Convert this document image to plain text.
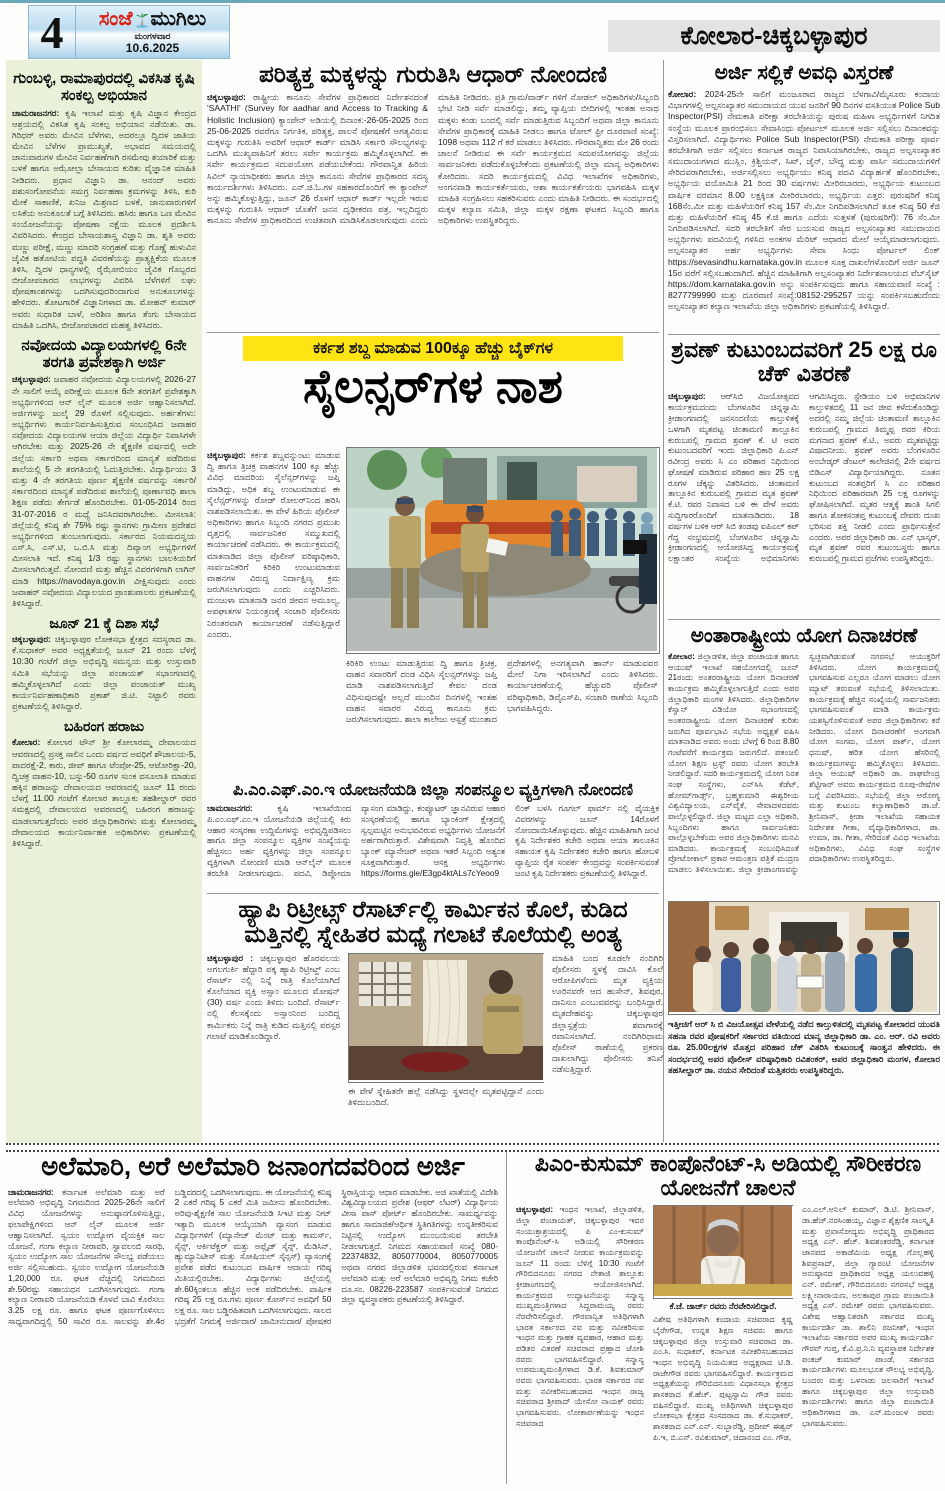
4	ಸಂಜೆ ಮುಗಿಲು
ಮಂಗಳವಾರ
10.6.2025	ಕೋಲಾರ-ಚಿಕ್ಕಬಳ್ಳಾಪುರ
ಗುಂಬಳ್ಳಿ, ರಾಮಾಪುರದಲ್ಲಿ ವಿಕಸಿತ ಕೃಷಿ ಸಂಕಲ್ಪ ಅಭಿಯಾನ

ಚಾಮರಾಜನಗರ: ಕೃಷಿ ಇಲಾಖೆ ಮತ್ತು ಕೃಷಿ ವಿಜ್ಞಾನ ಕೇಂದ್ರದ ಆಶ್ರಯದಲ್ಲಿ ವಿಕಸಿತ ಕೃಷಿ ಸಂಕಲ್ಪ ಅಭಿಯಾನ ನಡೆಯಿತು. ಡಾ. ಗಿರಿಧರ್ ಅವರು ಮೇವಿನ ಬೆಳೆಗಳು, ಅದರಲ್ಲೂ ದ್ವಿದಳ ಜಾತಿಯ ಮೇವಿನ ಬೆಳೆಗಳ ಪ್ರಾಮುಖ್ಯತೆ, ಅಭಾವದ ಸಮಯದಲ್ಲಿ ಜಾನುವಾರುಗಳ ಮೇವಿನ ನಿರ್ವಹಣೆಗಾಗಿ ರಸಮೇವು ತಯಾರಿಕೆ ಮತ್ತು ಬಳಕೆ ಹಾಗೂ ಅಝೋಲ್ಲಾ ಬೇಸಾಯದ ಕುರಿತು ವೈಜ್ಞಾನಿಕ ಮಾಹಿತಿ ನೀಡಿದರು. ಪ್ರಧಾನ ವಿಜ್ಞಾನಿ ಡಾ. ಆನಂದ್ ಅವರು ಪಶುಸಂಗೋಪನೆಯ ಸಮಗ್ರ ನಿರ್ವಹಣಾ ಕ್ರಮಗಳನ್ನು ತಿಳಿಸಿ, ಕುರಿ ಮೇಕೆ ಸಾಕಾಣಿಕೆ, ಖನಿಜ ಮಿಶ್ರಣದ ಬಳಕೆ, ಜಾನುವಾರುಗಳಿಗೆ ಲಸಿಕೆಯ ಅನುಕೂಲತೆ ಬಗ್ಗೆ ತಿಳಿಸಿದರು. ಹಸಿರು ಹಾಗೂ ಒಣ ಮೇವಿನ ಸಂಯೋಜನೆಯನ್ನು ಪೋಷಣಾ ನಕ್ಷೆಯ ಮೂಲಕ ಪ್ರದರ್ಶಿಸಿ ವಿವರಿಸಿದರು. ಕೇಂದ್ರದ ಬೇಸಾಯಶಾಸ್ತ್ರ ವಿಜ್ಞಾನಿ ಡಾ. ಶೃತಿ ಅವರು ಮಣ್ಣು ಪರೀಕ್ಷೆ, ಮಣ್ಣು ಮಾದರಿ ಸಂಗ್ರಹಣೆ ಮತ್ತು ಗೊಣ್ಣೆ ಹುಳುವಿನ ಜೈವಿಕ ಹತೋಟಿಯ ಪದ್ಧತಿ ವಿವರಣೆಯನ್ನು ಪ್ರಾತ್ಯಕ್ಷಿಕೆಯ ಮೂಲಕ ತಿಳಿಸಿ, ದ್ವಿದಳ ಧಾನ್ಯಗಳಲ್ಲಿ ರೈಝೋಬಿಯಂ ಜೈವಿಕ ಗೊಬ್ಬರದ ಬೀಜೋಪಚಾರದ ಲಾಭಗಳನ್ನು ವಿವರಿಸಿ ಬೆಳೆಗಳಿಗೆ ಲಘು ಪೋಷಕಾಂಶಗಳನ್ನು ಒದಗಿಸುವುದರಿಂದಾಗುವ ಅನುಕೂಲಗಳನ್ನು ಹೇಳಿದರು. ತೋಟಗಾರಿಕೆ ವಿಜ್ಞಾನಿಗಳಾದ ಡಾ. ಮೋಹನ್ ಕುಮಾರ್ ಅವರು ಸುಧಾರಿತ ಬಾಳೆ, ಅರಿಶಿಣ ಹಾಗೂ ತೆಂಗು ಬೇಸಾಯದ ಮಾಹಿತಿ ಒದಗಿಸಿ, ಬೀಜೋಪಚಾರದ ಮಹತ್ವ ತಿಳಿಸಿದರು.

ನವೋದಯ ವಿದ್ಯಾಲಯಗಳಲ್ಲಿ 6ನೇ ತರಗತಿ ಪ್ರವೇಶಕ್ಕಾಗಿ ಅರ್ಜಿ

ಚಿಕ್ಕಬಳ್ಳಾಪುರ: ಜವಾಹರ ನವೋದಯ ವಿದ್ಯಾಲಯಗಳಲ್ಲಿ 2026-27 ನೇ ಸಾಲಿಗೆ ಆಯ್ಕೆ ಪರೀಕ್ಷೆಯ ಮೂಲಕ 6ನೇ ತರಗತಿಗೆ ಪ್ರವೇಶಕ್ಕಾಗಿ ಅಭ್ಯರ್ಥಿಗಳಿಂದ ಆನ್ ಲೈನ್ ಮೂಲಕ ಅರ್ಜಿ ಆಹ್ವಾನಿಸಲಾಗಿದೆ. ಅರ್ಜಿಗಳನ್ನು ಜುಲೈ 29 ರೊಳಗೆ ಸಲ್ಲಿಸುವುದು. ಅರ್ಹತೆಗಳು: ಅಭ್ಯರ್ಥಿಗಳು ಕಾರ್ಯನಿರ್ವಹಿಸುತ್ತಿರುವ ಸಂಬಂಧಿಸಿದ ಜವಾಹರ ನವೋದಯ ವಿದ್ಯಾಲಯಗಳ ಆಯಾ ಜಿಲ್ಲೆಯ ವಿದ್ಯಾರ್ಥಿ ನಿವಾಸಿಗಳೇ ಆಗಿರಬೇಕು ಮತ್ತು 2025-26 ನೇ ಶೈಕ್ಷಣಿಕ ವರ್ಷದಲ್ಲಿ ಅದೇ ಜಿಲ್ಲೆಯ ಸರ್ಕಾರಿ ಅಥವಾ ಸರ್ಕಾರದಿಂದ ಮಾನ್ಯತೆ ಪಡೆದಿರುವ ಶಾಲೆಯಲ್ಲಿ 5 ನೇ ತರಗತಿಯಲ್ಲಿ ಓದುತ್ತಿರಬೇಕು. ವಿದ್ಯಾರ್ಥಿಯು 3 ಮತ್ತು 4 ನೇ ತರಗತಿಯ ಪೂರ್ಣ ಶೈಕ್ಷಣಿಕ ವರ್ಷವನ್ನು ಸರ್ಕಾರಿ/ಸರ್ಕಾರದಿಂದ ಮಾನ್ಯತೆ ಪಡೆದಿರುವ ಶಾಲೆಯಲ್ಲಿ ಪೂರ್ಣಾವಧಿ ಶಾಲಾ ಶಿಕ್ಷಣ ಪಡೆದು ತೇರ್ಗಡೆ ಹೊಂದಿರಬೇಕು. 01-05-2014 ರಿಂದ 31-07-2016 ರ ಮಧ್ಯೆ ಜನಿಸಿದವರಾಗಿರಬೇಕು. ಮೀಸಲಾತಿ: ಜಿಲ್ಲೆಯಲ್ಲಿ ಕನಿಷ್ಠ ಶೇ 75% ರಷ್ಟು ಸ್ಥಾನಗಳು ಗ್ರಾಮೀಣ ಪ್ರದೇಶದ ಅಭ್ಯರ್ಥಿಗಳಿಂದ ತುಂಬಲಾಗುವುದು. ಸರ್ಕಾರದ ನಿಯಮದನ್ವಯ ಎಸ್.ಸಿ, ಎಸ್.ಟಿ, ಒ.ಬಿ.ಸಿ ಮತ್ತು ದಿವ್ಯಾಂಗ ಅಭ್ಯರ್ಥಿಗಳಿಗೆ ಮೀಸಲಾತಿ ಇದೆ. ಕನಿಷ್ಠ 1/3 ರಷ್ಟು ಸ್ಥಾನಗಳು ಬಾಲಕಿಯರಿಗೆ ಮೀಸಲಾಗಿರುತ್ತವೆ. ನೋಂದಣಿ ಮತ್ತು ಹೆಚ್ಚಿನ ವಿವರಗಳಿಗಾಗಿ ಲಾಗಿನ್ ಮಾಡಿ https://navodaya.gov.in ವೀಕ್ಷಿಸುವುದು ಎಂದು ಜವಾಹರ್ ನವೋದಯ ವಿದ್ಯಾಲಯದ ಪ್ರಾಂಶುಪಾಲರು ಪ್ರಕಟಣೆಯಲ್ಲಿ ತಿಳಿಸಿದ್ದಾರೆ.

ಜೂನ್ 21 ಕ್ಕೆ ದಿಶಾ ಸಭೆ

ಚಿಕ್ಕಬಳ್ಳಾಪುರ: ಚಿಕ್ಕಬಳ್ಳಾಪುರ ಲೋಕಸಭಾ ಕ್ಷೇತ್ರದ ಸದಸ್ಯರಾದ ಡಾ. ಕೆ.ಸುಧಾಕರ್ ಅವರ ಅಧ್ಯಕ್ಷತೆಯಲ್ಲಿ ಜೂನ್ 21 ರಂದು ಬೆಳಗ್ಗೆ 10:30 ಗಂಟೆಗೆ ಜಿಲ್ಲಾ ಅಭಿವೃದ್ಧಿ ಸಮನ್ವಯ ಮತ್ತು ಉಸ್ತುವಾರಿ ಸಮಿತಿ ಸಭೆಯನ್ನು ಜಿಲ್ಲಾ ಪಂಚಾಯತ್ ಸಭಾಂಗಣದಲ್ಲಿ ಹಮ್ಮಿಕೊಳ್ಳಲಾಗಿದೆ ಎಂದು ಜಿಲ್ಲಾ ಪಂಚಾಯತ್ ಮುಖ್ಯ ಕಾರ್ಯನಿರ್ವಹಣಾಧಿಕಾರಿ ಪ್ರಕಾಶ್ ಜಿ.ಟಿ. ನಿಟ್ಟಾಲಿ ರವರು ಪ್ರಕಟಣೆಯಲ್ಲಿ ತಿಳಿಸಿದ್ದಾರೆ.

ಬಹಿರಂಗ ಹರಾಜು

ಕೋಲಾರ: ಕೋಲಾರ ಟೌನ್ ಶ್ರೀ ಕೋಲಾರಮ್ಮ ದೇವಾಲಯದ ಆವರಣದಲ್ಲಿ ಪ್ರಸಕ್ತ ಸಾಲಿನ ಒಂದು ವರ್ಷದ ಅವಧಿಗೆ ಶೌಚಾಲಯ-5, ಪಾದರಕ್ಷೆ-2, ಕಾರು, ಜೀಪ್ ಹಾಗೂ ಟೆಂಪೋ-25, ಆಟೋರಿಕ್ಷಾ-20, ದ್ವಿಚಕ್ರ ವಾಹನ-10, ಬಸ್ಸು-50 ರೂಗಳ ಸುಂಕ ವಸೂಲಾತಿ ಮಾಡುವ ಹಕ್ಕಿನ ಹರಾಜನ್ನು ದೇವಾಲಯದ ಆವರಣದಲ್ಲಿ ಜೂನ್ 11 ರಂದು ಬೆಳಗ್ಗೆ 11.00 ಗಂಟೆಗೆ ಕೋಲಾರ ತಾಲ್ಲೂಕು ತಹಶೀಲ್ದಾರ್ ರವರ ಸಮಕ್ಷದಲ್ಲಿ ದೇವಾಲಯದ ಆವರಣದಲ್ಲಿ ಬಹಿರಂಗ ಹರಾಜನ್ನು ಮಾಡಲಾಗುತ್ತದೆಂದು ಅಪರ ಜಿಲ್ಲಾಧಿಕಾರಿಗಳು ಮತ್ತು ಕೋಲಾರಮ್ಮ ದೇವಾಲಯದ ಕಾರ್ಯನಿರ್ವಾಹಕ ಅಧಿಕಾರಿಗಳು ಪ್ರಕಟಣೆಯಲ್ಲಿ ತಿಳಿಸಿದ್ದಾರೆ.

ಪರಿತ್ಯಕ್ತ ಮಕ್ಕಳನ್ನು ಗುರುತಿಸಿ ಆಧಾರ್ ನೋಂದಣಿ
ಚಿಕ್ಕಬಳ್ಳಾಪುರ: ರಾಷ್ಟ್ರೀಯ ಕಾನೂನು ಸೇವೆಗಳ ಪ್ರಾಧಿಕಾರದ ನಿರ್ದೇಶನದಂತೆ 'SAATHI' (Survey for aadhar and Access to Tracking & Holistic Inclusion) ಕ್ಯಾಂಪೇನ್ ಅಡಿಯಲ್ಲಿ ದಿನಾಂಕ:-26-05-2025 ರಿಂದ 25-06-2025 ರವರೆಗೂ ನಿರ್ಗತಿಕ, ಪರಿತ್ಯಕ್ತ, ಪಾಲನೆ ಪೋಷಣೆಗೆ ಅಗತ್ಯವಿರುವ ಮಕ್ಕಳನ್ನು ಗುರುತಿಸಿ ಅವರಿಗೆ ಆಧಾರ್ ಕಾರ್ಡ್ ಮಾಡಿಸಿ ಸರ್ಕಾರಿ ಸೌಲಭ್ಯಗಳನ್ನು ಒದಗಿಸಿ ಮುಖ್ಯವಾಹಿನಿಗೆ ತರಲು ಸರ್ವೇ ಕಾರ್ಯಕ್ರಮ ಹಮ್ಮಿಕೊಳ್ಳಲಾಗಿದೆ. ಈ ಸರ್ವೇ ಕಾರ್ಯಕ್ರಮದ ಸದುಪಯೋಗ ಪಡೆಯಬೇಕೆಂದು ಗೌರವಾನ್ವಿತ ಹಿರಿಯ ಸಿವಿಲ್ ನ್ಯಾಯಾಧೀಶರು ಹಾಗೂ ಜಿಲ್ಲಾ ಕಾನೂನು ಸೇವೆಗಳ ಪ್ರಾಧಿಕಾರದ ಸದಸ್ಯ ಕಾರ್ಯದರ್ಶಿಗಳು ತಿಳಿಸಿದರು. ಎನ್.ಜಿ.ಓ.ಗಳ ಸಹಕಾರದೊಂದಿಗೆ ಈ ಕ್ಯಾಂಪೇನ್ ಅನ್ನು ಹಮ್ಮಿಕೊಳ್ಳುತ್ತಿದ್ದು, ಜೂನ್ 26 ರೊಳಗೆ ಆಧಾರ್ ಕಾರ್ಡ್ ಇಲ್ಲದೇ ಇರುವ ಮಕ್ಕಳನ್ನು ಗುರುತಿಸಿ ಆಧಾರ್ ಜೊತೆಗೆ ಜನನ ದೃಢೀಕರಣ ಪತ್ರ, ಇಲ್ಲದಿದ್ದರು ಕಾನೂನು ಸೇವೆಗಳ ಪ್ರಾಧಿಕಾರದಿಂದ ಉಚಿತವಾಗಿ ಮಾಡಿಸಿಕೊಡಲಾಗುವುದು ಎಂದು ಮಾಹಿತಿ ನೀಡಿದರು. ಪ್ರತಿ ಗ್ರಾಮ/ವಾರ್ಡ್ ಗಳಿಗೆ ನೋಡಲ್ ಅಧಿಕಾರಿಗಳು/ಸಿಬ್ಬಂದಿ ಭೇಟಿ ನೀಡಿ ಸರ್ವೆ ಮಾಡಲಿದ್ದು, ತಮ್ಮ ವ್ಯಾಪ್ತಿಯ ಬೀದಿಗಳಲ್ಲಿ ಇಂತಹ ಅನಾಥ ಮಕ್ಕಳು ಕಂಡು ಬಂದಲ್ಲಿ ಸರ್ವೆ ಮಾಡುತ್ತಿರುವ ಸಿಬ್ಬಂದಿಗೆ ಅಥವಾ ಜಿಲ್ಲಾ ಕಾನೂನು ಸೇವೆಗಳ ಪ್ರಾಧಿಕಾರಕ್ಕೆ ಮಾಹಿತಿ ನೀಡಲು ಹಾಗೂ ಟೋಲ್ ಫ್ರೀ ದೂರವಾಣಿ ಸಂಖ್ಯೆ: 1098 ಅಥವಾ 112 ಗೆ ಕರೆ ಮಾಡಲು ತಿಳಿಸಿದರು. ಗೌರವಾನ್ವಿತರು ಮೇ 26 ರಂದು ಚಾಲನೆ ನೀಡಿರುವ ಈ ಸರ್ವೆ ಕಾರ್ಯಕ್ರಮದ ಸದುಪಯೋಗವನ್ನು ಜಿಲ್ಲೆಯ ಸಾರ್ವಜನಿಕರು ಪಡೆದುಕೊಳ್ಳಬೇಕೆಂದು ಪ್ರಕಟಣೆಯಲ್ಲಿ ಜಿಲ್ಲಾ ಮಾನ್ಯ ಅಧಿಕಾರಿಗಳು ಕೋರಿದರು. ಸದರಿ ಕಾರ್ಯಕ್ರಮದಲ್ಲಿ ವಿವಿಧ ಇಲಾಖೆಗಳ ಅಧಿಕಾರಿಗಳು, ಅಂಗನವಾಡಿ ಕಾರ್ಯಕರ್ತೆಯರು, ಆಶಾ ಕಾರ್ಯಕರ್ತೆಯರು ಭಾಗವಹಿಸಿ ಮಕ್ಕಳ ಮಾಹಿತಿ ಸಂಗ್ರಹಿಸಲು ಸಹಕರಿಸುವರು ಎಂದು ಮಾಹಿತಿ ನೀಡಿದರು. ಈ ಸಂದರ್ಭದಲ್ಲಿ ಮಕ್ಕಳ ಕಲ್ಯಾಣ ಸಮಿತಿ, ಜಿಲ್ಲಾ ಮಕ್ಕಳ ರಕ್ಷಣಾ ಘಟಕದ ಸಿಬ್ಬಂದಿ ಹಾಗೂ ಅಧಿಕಾರಿಗಳು ಉಪಸ್ಥಿತರಿದ್ದರು.
ಅರ್ಜಿ ಸಲ್ಲಿಕೆ ಅವಧಿ ವಿಸ್ತರಣೆ
ಕೋಲಾರ: 2024-25ನೇ ಸಾಲಿಗೆ ಮಂಜೂರಾದ ರಾಜ್ಯದ ಬೆಳಗಾವಿ/ಮೈಸೂರು ಕಂದಾಯ ವಿಭಾಗಗಳಲ್ಲಿ ಅಲ್ಪಸಂಖ್ಯಾತರ ಸಮುದಾಯದ ಯುವ ಜನರಿಗೆ 90 ದಿನಗಳ ವಸತಿಯುತ Police Sub Inspector(PSI) ನೇಮಕಾತಿ ಪರೀಕ್ಷಾ ತರಬೇತಿಯನ್ನು ಪುರುಷ ಮಹಿಳಾ ಅಭ್ಯರ್ಥಿಗಳಿಗೆ ನಿಗದಿತ ಸಂಸ್ಥೆಯ ಮೂಲಕ ಪ್ರಾರಂಭಿಸಲು ಸೇವಾಸಿಂಧು ಪೋರ್ಟಲ್ ಮೂಲಕ ಅರ್ಜಿ ಸಲ್ಲಿಸಲು ದಿನಾಂಕವನ್ನು ವಿಸ್ತರಿಸಲಾಗಿದೆ. ವಿದ್ಯಾರ್ಥಿಗಳು Police Sub Inspector(PSI) ನೇಮಕಾತಿ ಪರೀಕ್ಷಾ ಪೂರ್ವ ತರಬೇತಿಗಾಗಿ ಅರ್ಜಿ ಸಲ್ಲಿಸಲು ಕರ್ನಾಟಕ ರಾಜ್ಯದ ನಿವಾಸಿಯಾಗಿರಬೇಕು, ರಾಜ್ಯದ ಅಲ್ಪಸಂಖ್ಯಾತರ ಸಮುದಾಯಗಳಾದ ಮುಸ್ಲಿಂ, ಕ್ರಿಶ್ಚಿಯನ್, ಸಿಖ್, ಜೈನ್, ಬೌದ್ಧ ಮತ್ತು ಪಾರ್ಸಿ ಸಮುದಾಯಗಳಿಗೆ ಸೇರಿದವರಾಗಿರಬೇಕು, ಅರ್ಜಿಸಲ್ಲಿಸಲು ಅಭ್ಯರ್ಥಿಯು ಕನಿಷ್ಠ ಪದವಿ ವಿದ್ಯಾರ್ಹತೆ ಹೊಂದಿರಬೇಕು, ಅಭ್ಯರ್ಥಿಯ ವಯೋಮಿತಿ 21 ರಿಂದ 30 ವರ್ಷಗಳು ಮೀರಿರಬಾರದು, ಅಭ್ಯರ್ಥಿಯ ಕುಟುಂಬದ ವಾರ್ಷಿಕ ವರಮಾನ 8.00 ಲಕ್ಷಕ್ಕಿಂತ ಮೀರಿರಬಾರದು, ಅಭ್ಯರ್ಥಿಯ ಎತ್ತರ: ಪುರುಷರಿಗೆ ಕನಿಷ್ಠ 168ಸೆಂ.ಮೀ ಮತ್ತು ಮಹಿಳೆಯರಿಗೆ ಕನಿಷ್ಠ 157 ಸೆಂ.ಮೀ ನಿಗದಿಪಡಿಸಲಾಗಿದೆ ತೂಕ ಕನಿಷ್ಠ 50 ಕೆಜಿ ಮತ್ತು ಮಹಿಳೆಯರಿಗೆ ಕನಿಷ್ಠ 45 ಕೆ.ಜಿ ಹಾಗೂ ಎದೆಯ ಸುತ್ತಳತೆ (ಪುರುಷರಿಗೆ): 76 ಸೆಂ.ಮೀ ನಿಗದಿಪಡಿಸಲಾಗಿದೆ. ಸದರಿ ತರಬೇತಿಗೆ ಸೇರ ಬಯಸುವ ರಾಜ್ಯದ ಅಲ್ಪಸಂಖ್ಯಾತರ ಸಮುದಾಯದ ಅಭ್ಯರ್ಥಿಗಳು ಪದವಿಯಲ್ಲಿ ಗಳಿಸಿದ ಅಂಕಗಳ ಮೆರಿಟ್ ಆಧಾರದ ಮೇಲೆ ಆಯ್ಕೆಮಾಡಲಾಗುವುದು. ಅಲ್ಪಸಂಖ್ಯಾತರ ಅರ್ಹ ಅಭ್ಯರ್ಥಿಗಳು ಸೇವಾ ಸಿಂಧು ಪೋರ್ಟಲ್ ಲಿಂಕ್ https://sevasindhu.karnataka.gov.in ಮೂಲಕ ಸೂಕ್ತ ದಾಖಲೆಗಳೊಂದಿಗೆ ಅರ್ಜಿ ಜೂನ್ 15ರ ವರೆಗೆ ಸಲ್ಲಿಸಬಹುದಾಗಿದೆ. ಹೆಚ್ಚಿನ ಮಾಹಿತಿಗಾಗಿ ಅಲ್ಪಸಂಖ್ಯಾತರ ನಿರ್ದೇಶನಾಲಯದ ವೆಬ್‌ಸೈಟ್ https://dom.karnataka.gov.in ಅನ್ನು ಸಂಪರ್ಕಿಸುವುದು ಹಾಗೂ ಸಹಾಯವಾಣಿ ಸಂಖ್ಯೆ : 8277799990 ಮತ್ತು ದೂರವಾಣಿ ಸಂಖ್ಯೆ:08152-295257 ಯನ್ನು ಸಂಪರ್ಕಿಸಬಹುದೆಂದು ಅಲ್ಪಸಂಖ್ಯಾತರ ಕಲ್ಯಾಣ ಇಲಾಖೆಯ ಜಿಲ್ಲಾ ಅಧಿಕಾರಿಗಳು ಪ್ರಕಟಣೆಯಲ್ಲಿ ತಿಳಿಸಿದ್ದಾರೆ.
ಕರ್ಕಶ ಶಬ್ದ ಮಾಡುವ 100ಕ್ಕೂ ಹೆಚ್ಚು ಬೈಕ್‌ಗಳ
ಸೈಲನ್ಸರ್‌ಗಳ ನಾಶ
ಚಿಕ್ಕಬಳ್ಳಾಪುರ: ಕರ್ಕಶ ಶಬ್ದವನ್ನುಂಟು ಮಾಡುವ ದ್ವಿ ಹಾಗೂ ತ್ರಿಚಕ್ರ ವಾಹನಗಳ 100 ಕ್ಕೂ ಹೆಚ್ಚು ವಿವಿಧ ಮಾದರಿಯ ಸೈಲೆನ್ಸರ್‌ಗಳನ್ನು ಜಪ್ತಿ ಮಾಡಿದ್ದು, ಅಧಿಕ ಶಬ್ದ ಉಂಟುಮಾಡುವ ಈ ಸೈಲೆನ್ಸರ್‌ಗಳನ್ನು ರೋಡ್ ರೋಲರ್‌ನಿಂದ ಹರಿಸಿ ನಾಶಪಡಿಸಲಾಯಿತು. ಈ ವೇಳೆ ಹಿರಿಯ ಪೊಲೀಸ್ ಅಧಿಕಾರಿಗಳು ಹಾಗೂ ಸಿಬ್ಬಂದಿ ನಗರದ ಪ್ರಮುಖ ವೃತ್ತದಲ್ಲಿ ಸಾರ್ವಜನಿಕರ ಸಮ್ಮುಖದಲ್ಲಿ ಕಾರ್ಯಾಚರಣೆ ನಡೆಸಿದರು. ಈ ಕಾರ್ಯಕ್ರಮದಲ್ಲಿ ಮಾತನಾಡಿದ ಜಿಲ್ಲಾ ಪೊಲೀಸ್ ವರಿಷ್ಠಾಧಿಕಾರಿ, ಸಾರ್ವಜನಿಕರಿಗೆ ಕಿರಿಕಿರಿ ಉಂಟುಮಾಡುವ ವಾಹನಗಳ ವಿರುದ್ಧ ನಿರ್ದಾಕ್ಷಿಣ್ಯ ಕ್ರಮ ಜರುಗಿಸಲಾಗುವುದು ಎಂದು ಎಚ್ಚರಿಸಿದರು. ಮಂಜುಳಾ ಮಾತನಾಡಿ ಜನರ ಜೀವನ ಅಮೂಲ್ಯ, ಅಪಘಾತಗಳ ನಿಯಂತ್ರಣಕ್ಕೆ ಸಂಚಾರಿ ಪೊಲೀಸರು ನಿರಂತರವಾಗಿ ಕಾರ್ಯಾಚರಣೆ ನಡೆಸುತ್ತಿದ್ದಾರೆ ಎಂದರು.
ಕಿರಿಕಿರಿ ಉಂಟು ಮಾಡುತ್ತಿರುವ ದ್ವಿ ಹಾಗೂ ತ್ರಿಚಕ್ರ, ವಾಹನ ಸವಾರರಿಗೆ ದಂಡ ವಿಧಿಸಿ ಸೈಲನ್ಸರ್‌ಗಳನ್ನು ಜಪ್ತಿ ಮಾಡಿ ನಾಶಪಡಿಸಲಾಗುತ್ತಿದೆ ಕೇವಲ ದಂಡ ವಿಧಿಸುವುದಷ್ಟೇ ಅಲ್ಲದೆ ಮುಂದಿನ ದಿನಗಳಲ್ಲಿ ಇಂತಹ ವಾಹನ ಸವಾರರ ವಿರುದ್ಧ ಕಾನೂನು ಕ್ರಮ ಜರುಗಿಸಲಾಗುವುದು. ಶಾಲಾ ಕಾಲೇಜು ಆಸ್ಪತ್ರೆ ಮುಂತಾದ ಪ್ರದೇಶಗಳಲ್ಲಿ ಅನಗತ್ಯವಾಗಿ ಹಾರ್ನ್ ಮಾಡುವವರ ಮೇಲೆ ನಿಗಾ ಇರಿಸಲಾಗಿದೆ ಎಂದು ತಿಳಿಸಿದರು. ಕಾರ್ಯಾಚರಣೆಯಲ್ಲಿ ಹೆಚ್ಚುವರಿ ಪೊಲೀಸ್ ವರಿಷ್ಠಾಧಿಕಾರಿ, ಡಿವೈಎಸ್‌ಪಿ, ಸಂಚಾರಿ ಠಾಣೆಯ ಸಿಬ್ಬಂದಿ ಭಾಗವಹಿಸಿದ್ದರು.
ಪಿ.ಎಂ.ಎಫ್.ಎಂ.ಇ ಯೋಜನೆಯಡಿ ಜಿಲ್ಲಾ ಸಂಪನ್ಮೂಲ ವ್ಯಕ್ತಿಗಳಾಗಿ ನೋಂದಣಿ
ಚಾಮರಾಜನಗರ:	ಕೃಷಿ ಇಲಾಖೆಯಿಂದ ಪಿ.ಎಂ.ಎಫ್.ಎಂ.ಇ ಯೋಜನೆಯಡಿ ಜಿಲ್ಲೆಯಲ್ಲಿ ಕಿರು ಆಹಾರ ಸಂಸ್ಕರಣಾ ಉದ್ದಿಮೆಗಳನ್ನು ಅಭಿವೃದ್ಧಿಪಡಿಸಲು ಹಾಗೂ ಜಿಲ್ಲಾ ಸಂಪನ್ಮೂಲ ವ್ಯಕ್ತಿಗಳ ಸಂಖ್ಯೆಯನ್ನು ಹೆಚ್ಚಿಸಲು ಅರ್ಹ ವ್ಯಕ್ತಿಗಳನ್ನು ಜಿಲ್ಲಾ ಸಂಪನ್ಮೂಲ ವ್ಯಕ್ತಿಗಳಾಗಿ ನೋಂದಣಿ ಮಾಡಿ ಆನ್‌ಲೈನ್ ಮೂಲಕ ತರಬೇತಿ ನೀಡಲಾಗುವುದು. ಪದವಿ, ಡಿಪ್ಲೋಮಾ ವ್ಯಾಸಂಗ ಮಾಡಿದ್ದು, ಕಂಪ್ಯೂಟರ್ ಜ್ಞಾನವಿರುವ ಆಹಾರ ಸಂಸ್ಕರಣೆಯಲ್ಲಿ ಹಾಗೂ ಬ್ಯಾಂಕಿಂಗ್ ಕ್ಷೇತ್ರದಲ್ಲಿ ಸ್ವಲ್ಪಮಟ್ಟಿನ ಅನುಭವವಿರುವ ಅಭ್ಯರ್ಥಿಗಳು ಯೋಜನೆಗೆ ಅರ್ಹರಾಗಿರುತ್ತಾರೆ. ವಿಶೇಷವಾಗಿ ನಿವೃತ್ತಿ ಹೊಂದಿದ ಬ್ಯಾಂಕ್ ಮ್ಯಾನೇಜರ್ ಅಥವಾ ಇತರೆ ಸಿಬ್ಬಂದಿ ಅತ್ಯಂತ ಸೂಕ್ತವಾಗಿರುತ್ತಾರೆ. ಆಸಕ್ತ ಅಭ್ಯರ್ಥಿಗಳು https://forms.gle/E3gp4ktALs7cYeoo9 ಲಿಂಕ್ ಬಳಸಿ ಗೂಗಲ್ ಫಾರ್ಮ್ ನಲ್ಲಿ ವೈಯಕ್ತಿಕ ವಿವರಗಳನ್ನು ಜೂನ್ 14ರೊಳಗೆ ನೋಂದಾಯಿಸಿಕೊಳ್ಳುವುದು. ಹೆಚ್ಚಿನ ಮಾಹಿತಿಗಾಗಿ ಜಂಟಿ ಕೃಷಿ ನಿರ್ದೇಶಕರ ಕಚೇರಿ ಅಥವಾ ಆಯಾ ತಾಲೂಕಿನ ಸಹಾಯಕ ಕೃಷಿ ನಿರ್ದೇಶಕರ ಕಚೇರಿ ಹಾಗೂ ಹೋಬಳಿ ವ್ಯಾಪ್ತಿಯ ರೈತ ಸಂಪರ್ಕ ಕೇಂದ್ರವನ್ನು ಸಂಪರ್ಕಿಸುವಂತೆ ಜಂಟಿ ಕೃಷಿ ನಿರ್ದೇಶಕರು ಪ್ರಕಟಣೆಯಲ್ಲಿ ತಿಳಿಸಿದ್ದಾರೆ.
ಹ್ಯಾಪಿ ರಿಟ್ರೀಟ್ಸ್ ರೆಸಾರ್ಟ್‌ಲ್ಲಿ ಕಾರ್ಮಿಕನ ಕೊಲೆ, ಕುಡಿದ ಮತ್ತಿನಲ್ಲಿ ಸ್ನೇಹಿತರ ಮಧ್ಯೆ ಗಲಾಟೆ ಕೊಲೆಯಲ್ಲಿ ಅಂತ್ಯ
ಚಿಕ್ಕಬಳ್ಳಾಪುರ : ಚಿಕ್ಕಬಳ್ಳಾಪುರ ಹೊರವಲಯ ಅಗಲಗುರ್ಕಿ ಹೆದ್ದಾರಿ ಪಕ್ಕ ಹ್ಯಾಪಿ ರಿಟ್ರೀಟ್ಜ್ ಎಂಬ ರೆಸಾರ್ಟ್ ನಲ್ಲಿ ನಿನ್ನೆ ರಾತ್ರಿ ಕೊಲೆಯಾಗಿದೆ ಕೊಲೆಯಾದ ವ್ಯಕ್ತಿ ಅಸ್ಸಾಂ ಮೂಲದ ಮೋಷನ್ (30) ವರ್ಷ ಎಂದು ತಿಳಿದು ಬಂದಿದೆ. ರೆಸಾರ್ಟ್ ನಲ್ಲಿ ಕೆಲಸಕ್ಕೆಂದು ಅಸ್ಸಾಂನಿಂದ ಬಂದಿದ್ದ ಕಾರ್ಮಿಕರು ನಿನ್ನೆ ರಾತ್ರಿ ಕುಡಿದ ಮತ್ತಿನಲ್ಲಿ ಪರಸ್ಪರ ಗಲಾಟೆ ಮಾಡಿಕೊಂಡಿದ್ದಾರೆ.
ಈ ವೇಳೆ ಸ್ನೇಹಿತರೇ ಹಲ್ಲೆ ನಡೆಸಿದ್ದು ಸ್ಥಳದಲ್ಲೇ ಮೃತಪಟ್ಟಿದ್ದಾನೆ ಎಂದು ತಿಳಿದುಬಂದಿದೆ.
ಮಾಹಿತಿ ಬಂದ ಕೂಡಲೇ ನಂದಿಗಿರಿ ಪೊಲೀಸರು ಸ್ಥಳಕ್ಕೆ ದಾವಿಸಿ ಕೊಲೆ ಆರೋಪಿಗಳೆಂದು ಮೃತ ವ್ಯಕ್ತಿಯ ಊರಿನವರೇ ಆದ ಹುಸೇನ್, ಶಿವಪುರ, ದಾನಿಸುಂ ಎಂಬುವವರನ್ನು ಬಂಧಿಸಿದ್ದಾರೆ. ಮೃತದೇಹವನ್ನು ಚಿಕ್ಕಬಳ್ಳಾಪುರ ಜಿಲ್ಲಾಸ್ಪತ್ರೆಯ ಶವಾಗಾರಕ್ಕೆ ರವಾನಿಸಲಾಗಿದೆ. ನಂದಿಗಿರಿಧಾಮ ಪೊಲೀಸ್ ಠಾಣೆಯಲ್ಲಿ ಪ್ರಕರಣ ದಾಖಲಾಗಿದ್ದು ಪೊಲೀಸರು ತನಿಖೆ ನಡೆಸುತ್ತಿದ್ದಾರೆ.
ಶ್ರವಣ್ ಕುಟುಂಬದವರಿಗೆ 25 ಲಕ್ಷ ರೂ ಚೆಕ್ ವಿತರಣೆ
ಚಿಕ್ಕಬಳ್ಳಾಪುರ: ಆರ್‌ಸಿಬಿ ವಿಜಯೋತ್ಸವದ ಕಾರ್ಯಕ್ರಮದಂದು ಬೆಂಗಳೂರಿನ ಚಿನ್ನಸ್ವಾಮಿ ಕ್ರೀಡಾಂಗಣದಲ್ಲಿ ಜನಸಂದಣಿಯ ಕಾಲ್ತುಳಿತಕ್ಕೆ ಒಳಗಾಗಿ ಮೃತಪಟ್ಟ ಚಿಂತಾಮಣಿ ತಾಲ್ಲೂಕಿನ ಕುರುಬಪಲ್ಲಿ ಗ್ರಾಮದ ಶ್ರವಣ್ ಕೆ. ಟಿ ಅವರ ಕುಟುಂಬದವರಿಗೆ ಇಂದು ಜಿಲ್ಲಾಧಿಕಾರಿ ಪಿ.ಎನ್ ರವೀಂದ್ರ ಅವರು ಸಿ ಎಂ ಪರಿಹಾರ ನಿಧಿಯಿಂದ ಘೋಷಣೆ ಮಾಡಿರುವ ಪರಿಹಾರ ಹಣ 25 ಲಕ್ಷ ರೂಗಳ ಚೆಕ್ಕನ್ನು ವಿತರಿಸಿದರು. ಚಿಂತಾಮಣಿ ತಾಲ್ಲೂಕಿನ ಕುರುಬಪಲ್ಲಿ ಗ್ರಾಮದ ಮೃತ ಶ್ರವಣ್ ಕೆ.ಟಿ. ರವರ ನಿವಾಸದ ಬಳಿ ಈ ವೇಳೆ ಅವರು ಸುದ್ದಿಗಾರರೊಂದಿಗೆ ಮಾತನಾಡಿದರು. 18 ವರ್ಷಗಳ ಬಳಿಕ ಆರ್ ಸಿಬಿ ತಂಡವು ಐಪಿಎಲ್ ಕಪ್ ಗೆದ್ದ ಸಂಭ್ರಮದಲ್ಲಿ ಬೆಂಗಳೂರಿನ ಚಿನ್ನಸ್ವಾಮಿ ಕ್ರೀಡಾಂಗಣದಲ್ಲಿ ಆಯೋಜಿಸಿದ್ದ ಕಾರ್ಯಕ್ರಮಕ್ಕೆ ಲಕ್ಷಾಂತರ ಸಂಖ್ಯೆಯ ಅಭಿಮಾನಿಗಳು ಆಗಮಿಸಿದ್ದರು. ಸ್ಟೇಡಿಯಂ ಬಳಿ ಅಭಿಮಾನಿಗಳ ಕಾಲ್ತುಳಿತದಲ್ಲಿ 11 ಜನ ಜೀವ ಕಳೆದುಕೊಂಡಿದ್ದು ಅದರಲ್ಲಿ ನಮ್ಮ ಜಿಲ್ಲೆಯ ಚಿಂತಾಮಣಿ ತಾಲ್ಲೂಕಿನ ಕುರುಬಪಲ್ಲಿ ಗ್ರಾಮದ ತಿಮ್ಮಪ್ಪ ರವರ ಕಿರಿಯ ಮಗನಾದ ಶ್ರವಣ್ ಕೆ.ಟಿ., ಅವರು ಮೃತಪಟ್ಟಿದ್ದು ವಿಷಾದನೀಯ. ಶ್ರವಣ್ ಅವರು ಬೆಂಗಳೂರಿನ ಅಂಬೇಡ್ಕರ್ ಡೆಂಟಲ್ ಕಾಲೇಜಿನಲ್ಲಿ 2ನೇ ವರ್ಷದ ಬಿಡಿಎಸ್ ವಿದ್ಯಾರ್ಥಿಯಾಗಿದ್ದರು. ನೂತನ ಕುಟುಂಬದ ಸಂತಪ್ತರಿಗೆ ಸಿ ಎಂ ಪರಿಹಾರ ನಿಧಿಯಿಂದ ಪರಿಹಾರವಾಗಿ 25 ಲಕ್ಷ ರೂಗಳನ್ನು ಘೋಷಿಸಲಾಗಿದೆ. ಮೃತರ ಆತ್ಮಕ್ಕೆ ಶಾಂತಿ ಸಿಗಲಿ ಹಾಗೂ ಶೋಕಸಂತಪ್ತ ಕುಟುಂಬಕ್ಕೆ ದೇವರು ದುಃಖ ಭರಿಸುವ ಶಕ್ತಿ ನೀಡಲಿ ಎಂದು ಪ್ರಾರ್ಥಿಸುತ್ತೇನೆ ಎಂದರು. ಅಪರ ಜಿಲ್ಲಾಧಿಕಾರಿ ಡಾ. ಎನ್ ಭಾಸ್ಕರ್, ಮೃತ ಶ್ರವಣ್ ರವರ ಕುಟುಂಬಸ್ಥರು ಹಾಗೂ ಕುರುಬಪಲ್ಲಿ ಗ್ರಾಮದ ಪ್ರಜೆಗಳು ಉಪಸ್ಥಿತರಿದ್ದರು.
ಅಂತಾರಾಷ್ಟ್ರೀಯ ಯೋಗ ದಿನಾಚರಣೆ
ಕೋಲಾರ: ಜಿಲ್ಲಾಡಳಿತ, ಜಿಲ್ಲಾ ಪಂಚಾಯತ ಹಾಗೂ ಆಯುಷ್ ಇಲಾಖೆ ಸಹಯೋಗದಲ್ಲಿ ಜೂನ್ 21ರಂದು ಅಂತರರಾಷ್ಟ್ರೀಯ ಯೋಗ ದಿನಾಚರಣೆ ಕಾರ್ಯಕ್ರಮ ಹಮ್ಮಿಕೊಳ್ಳಲಾಗುತ್ತಿದೆ ಎಂದು ಅಪರ ಜಿಲ್ಲಾಧಿಕಾರಿ ಮಂಗಳ ತಿಳಿಸಿದರು. ಜಿಲ್ಲಾಧಿಕಾರಿಗಳ ಕೆಸ್ವಾನ್ ವಿಡಿಯೋ ಸಭಾಂಗಣದಲ್ಲಿ ಅಂತರರಾಷ್ಟ್ರೀಯ ಯೋಗ ದಿನಾಚರಣೆ ಕುರಿತು ಜರುಗಿದ ಪೂರ್ವಭಾವಿ ಸಭೆಯ ಅಧ್ಯಕ್ಷತೆ ವಹಿಸಿ ಮಾತನಾಡಿದ ಅವರು ಅಂದು ಬೆಳಗ್ಗೆ 6 ರಿಂದ 8.80 ಗಂಟೆವರೆಗೆ ಕಾರ್ಯಕ್ರಮ ಜರುಗಲಿದೆ. ಪತಂಜಲಿ ಯೋಗ ಶಿಕ್ಷಣ ಟ್ರಸ್ಟ್ ರವರು ಯೋಗ ತರಬೇತಿ ನೀಡಲಿದ್ದಾರೆ. ಸದರಿ ಕಾರ್ಯಕ್ರಮದಲ್ಲಿ ಯೋಗ ನಿರತ ಸಂಘ ಸಂಸ್ಥೆಗಳು, ಎನ್‌ಸಿಸಿ ಕೆಡೆಟ್, ಹೋಮ್‌ಗಾರ್ಡ್ಸ್, ಬ್ರಹ್ಮಕುಮಾರಿ ಈಶ್ವರೀಯ ವಿಶ್ವವಿದ್ಯಾಲಯ, ಎನ್‌ವೈಕೆ, ಸೇವಾದಳದವರು ಪಾಲ್ಗೊಳ್ಳಲಿದ್ದಾರೆ. ಜಿಲ್ಲಾ ಮಟ್ಟದ ಎಲ್ಲಾ ಅಧಿಕಾರಿ, ಸಿಬ್ಬಂದಿಗಳು ಹಾಗೂ ಸಾರ್ವಜನಿಕರು ಪಾಲ್ಗೊಳ್ಳಬೇಕೆಂದು ಅಪರ ಜಿಲ್ಲಾಧಿಕಾರಿಗಳು ಮನವಿ ಮಾಡಿದರು. ಕಾರ್ಯಕ್ರಮಕ್ಕೆ ಸಂಬಂಧಿಸಿದಂತೆ ಪ್ರೋಟೋಕಾಲ್ ಪ್ರಕಾರ ಆಮಂತ್ರಣ ಪತ್ರಿಕೆ ಮುದ್ರಣ ಮಾಡಲು ತಿಳಿಸಲಾಯಿತು. ಜಿಲ್ಲಾ ಕ್ರೀಡಾಂಗಣವನ್ನು ಸ್ವಚ್ಛವಾಗಿಡುವಂತೆ ನಗರಸಭೆ ಆಯುಕ್ತರಿಗೆ ತಿಳಿಸಿದರು. ಯೋಗ ಕಾರ್ಯಕ್ರಮದಲ್ಲಿ ಭಾಗವಹಿಸುವ ಎಲ್ಲರೂ ಯೋಗ ಮಾಡಲು ಯೋಗ ಮ್ಯಾಟ್ ತರುವಂತೆ ಸಭೆಯಲ್ಲಿ ತಿಳಿಸಲಾಯಿತು. ಕಾರ್ಯಕ್ರಮಕ್ಕೆ ಹೆಚ್ಚಿನ ಸಂಖ್ಯೆಯಲ್ಲಿ ಸಾರ್ವಜನಿಕರು ಭಾಗವಹಿಸುವಂತೆ ಮಾಡಿ ಕಾರ್ಯಕ್ರಮ ಯಶಸ್ವಿಗೊಳಿಸುವಂತೆ ಅಪರ ಜಿಲ್ಲಾಧಿಕಾರಿಗಳು ಕರೆ ನೀಡಿದರು. ಯೋಗ ದಿನಾಚರಣೆಗೆ ಅಂಗವಾಗಿ ಯೋಗ ಸಂಗಮ, ಯೋಗ ಪಾರ್ಕ್, ಯೋಗ ಧನುಷ್, ಹರಿತ ಯೋಗ ಹೆಸರಿನಲ್ಲಿ ಕಾರ್ಯಕ್ರಮಗಳನ್ನು ಹಮ್ಮಿಕೊಳ್ಳಲು ತಿಳಿಸಿದರು. ಜಿಲ್ಲಾ ಆಯುಷ್ ಅಧಿಕಾರಿ ಡಾ. ರಾಘವೇಂದ್ರ ಶೆಟ್ಟಿಗಾರ್ ಅವರು ಕಾರ್ಯಕ್ರಮದ ರೂಪು-ರೇಷೆಗಳ ಬಗ್ಗೆ ವಿವರಿಸಿದರು. ಸಭೆಯಲ್ಲಿ ಜಿಲ್ಲಾ ಆರೋಗ್ಯ ಮತ್ತು ಕುಟುಂಬ ಕಲ್ಯಾಣಾಧಿಕಾರಿ ಡಾ.ಜೆ. ಶ್ರೀನಿವಾಸ್, ಕ್ರೀಡಾ ಇಲಾಖೆಯ ಸಹಾಯಕ ನಿರ್ದೇಶಕ ಗೀತಾ, ವೈದ್ಯಾಧಿಕಾರಿಗಳಾದ, ಡಾ. ಉಮಾ, ಡಾ. ಗೀತಾ, ಸೇರಿದಂತೆ ವಿವಿಧ ಇಲಾಖೆಯ ಅಧಿಕಾರಿಗಳು, ವಿವಿಧ ಸಂಘ ಸಂಸ್ಥೆಗಳ ಪದಾಧಿಕಾರಿಗಳು ಉಪಸ್ಥಿತರಿದ್ದರು.
ಇತ್ತೀಚಿಗೆ ಆರ್ ಸಿ ಬಿ ವಿಜಯೋತ್ಸವ ವೇಳೆಯಲ್ಲಿ ನಡೆದ ಕಾಲ್ತುಳಿತದಲ್ಲಿ ಮೃತಪಟ್ಟ ಕೋಲಾರದ ಯುವತಿ ಸಹನಾ ರವರ ಪೋಷಕರಿಗೆ ಸರ್ಕಾರದ ವತಿಯಿಂದ ಮಾನ್ಯ ಜಿಲ್ಲಾಧಿಕಾರಿ ಡಾ. ಎಂ. ಆರ್. ರವಿ ಅವರು ರೂ. 25.00ಲಕ್ಷಗಳ ಮೊತ್ತದ ಪರಿಹಾರ ಚೆಕ್ ವಿತರಿಸಿ ಕುಟುಂಬಕ್ಕೆ ಸಾಂತ್ವನ ಹೇಳಿದರು. ಈ ಸಂದರ್ಭದಲ್ಲಿ ಅಪರ ಪೊಲೀಸ್ ವರಿಷ್ಠಾಧಿಕಾರಿ ರವಿಶಂಕರ್, ಅಪರ ಜಿಲ್ಲಾಧಿಕಾರಿ ಮಂಗಳ, ಕೋಲಾರ ತಹಸೀಲ್ದಾರ್ ಡಾ. ನಯನ ಸೇರಿದಂತೆ ಮತ್ತಿತರರು ಉಪಸ್ಥಿತರಿದ್ದರು.
ಅಲೆಮಾರಿ, ಅರೆ ಅಲೆಮಾರಿ ಜನಾಂಗದವರಿಂದ ಅರ್ಜಿ
ಚಾಮರಾಜನಗರ: ಕರ್ನಾಟಕ ಅಲೆಮಾರಿ ಮತ್ತು ಅರೆ ಅಲೆಮಾರಿ ಅಭಿವೃದ್ಧಿ ನಿಗಮದಿಂದ 2025-26ನೇ ಸಾಲಿಗೆ ವಿವಿಧ ಯೋಜನೆಗಳನ್ನು ಅನುಷ್ಠಾನಗೊಳಿಸುತ್ತಿದ್ದು, ಫಲಾಪೇಕ್ಷಿಗಳಿಂದ ಆನ್ ಲೈನ್ ಮೂಲಕ ಅರ್ಜಿ ಆಹ್ವಾನಿಸಲಾಗಿದೆ. ಸ್ವಯಂ ಉದ್ಯೋಗ ವೈಯಕ್ತಿಕ ಸಾಲ ಯೋಜನೆ, ಗಂಗಾ ಕಲ್ಯಾಣ ನೀರಾವರಿ, ಸ್ವಾವಲಂಬಿ ಸಾರಥಿ, ಸ್ವಯಂ ಉದ್ಯೋಗ ಸಾಲ ಯೋಜನೆಗಳ ಸೌಲಭ್ಯ ಪಡೆಯಲು ಅರ್ಜಿ ಸಲ್ಲಿಸಬಹುದು. ಸ್ವಯಂ ಉದ್ಯೋಗ ಯೋಜನೆಯಡಿ 1,20,000 ರೂ. ಘಟಕ ವೆಚ್ಚದಲ್ಲಿ ನಿಗಮದಿಂದ ಶೇ.50ರಷ್ಟು ಸಹಾಯಧನ ಒದಗಿಸಲಾಗುವುದು. ಗಂಗಾ ಕಲ್ಯಾಣ ನೀರಾವರಿ ಯೋಜನೆಯಡಿ ಕೊಳವೆ ಬಾವಿ ಕೊರೆಸಲು 3.25 ಲಕ್ಷ ರೂ. ಹಾಗೂ ಘಟಕ ಪೂರ್ಣಗೊಳಿಸಲು ಸಾಧ್ಯವಾಗದಿದ್ದಲ್ಲಿ 50 ಸಾವಿರ ರೂ. ಸಾಲವನ್ನು ಶೇ.4ರ ಬಡ್ಡಿದರದಲ್ಲಿ ಒದಗಿಸಲಾಗುವುದು. ಈ ಯೋಜನೆಯಲ್ಲಿ ಕನಿಷ್ಠ 2 ಎಕರೆ ಗರಿಷ್ಠ 5 ಎಕರೆ ಮಿತಿ ಜಮೀನು ಹೊಂದಿರಬೇಕು. ಅರಿವು-ಶೈಕ್ಷಣಿಕ ಸಾಲ ಯೋಜನೆಯಡಿ ಸಿಇಟಿ ಮತ್ತು ನೀಟ್ ಇತ್ಯಾದಿ ಮೂಲಕ ಆಯ್ಕೆಯಾಗಿ ವ್ಯಾಸಂಗ ಮಾಡುವ ವಿದ್ಯಾರ್ಥಿಗಳಿಗೆ (ಮ್ಯಾನೇಜ್ ಮೆಂಟ್ ಮತ್ತು ಕಾಮರ್ಸ್, ಸೈನ್ಸ್, ಆರ್ಕಿಟೆಕ್ಚರ್ ಮತ್ತು ಅಪ್ಲೈಡ್ ಸೈನ್ಸ್, ಮೆಡಿಸಿನ್, ಹ್ಯುಮ್ಯಾನಿಟೀಸ್ ಮತ್ತು ಸೋಷಿಯಲ್ ಸೈನ್ಸಸ್) ವ್ಯಾಸಂಗಕ್ಕೆ ಪ್ರವೇಶ ಪಡೆದ ಕುಟುಂಬದ ವಾರ್ಷಿಕ ಆದಾಯ ಗರಿಷ್ಠ ಮಿತಿಯಲ್ಲಿರಬೇಕು. ವಿದ್ಯಾರ್ಥಿಗಳು ಜಿಲ್ಲೆಯಲ್ಲಿ ಶೇ.60ಕ್ಕಿಂತಲೂ ಹೆಚ್ಚಿನ ಅಂಕ ಪಡೆದಿರಬೇಕು. ವಾರ್ಷಿಕ ಗರಿಷ್ಠ 25 ಲಕ್ಷ ರೂ.ಗಳು ಪೂರ್ಣ ಕೋರ್ಸ್‌ನ ಅವಧಿಗೆ 50 ಲಕ್ಷ ರೂ. ಸಾಲ ಬಡ್ಡಿರಹಿತವಾಗಿ ಒದಗಿಸಲಾಗುವುದು. ಸಾಲದ ಭದ್ರತೆಗೆ ನಿಗಮಕ್ಕೆ ಅರ್ಜಿದಾರ/ ಜಾಮೀನುದಾರ/ ಪೋಷಕರ ಸ್ಥಿರಾಸ್ತಿಯನ್ನು ಆಧಾರ ಮಾಡಬೇಕು. ಅಜಿ ಖಾತೆಯಲ್ಲಿ ವಿದೇಶಿ ವಿಶ್ವವಿದ್ಯಾಲಯದ ಪ್ರವೇಶ (ಆಫರ್ ಲೆಟರ್) ವಿದ್ಯಾರ್ಥಿಯ ವೀಸಾ ಪಾಸ್ ಪೋರ್ಟ್ ಹೊಂದಿರಬೇಕು. ಸಾಮರ್ಥ್ಯವನ್ನು ಹಾಗೂ ಸಾಮಾಜಿಕ/ಆರ್ಥಿಕ ಸ್ಥಿತಿಗತಿಗಳನ್ನು ಉನ್ನತೀಕರಿಸುವ ನಿಟ್ಟಿನಲ್ಲಿ ಉದ್ಯೋಗ ಮುಂಬಯಿಸುವ ತರಬೇತಿ ನೀಡಲಾಗುತ್ತದೆ. ನಿಗಮದ ಸಹಾಯವಾಣಿ ಸಂಖ್ಯೆ 080-22374832, 8050770004, 8050770005 ಅಥವಾ ನಗರದ ಜಿಲ್ಲಾಡಳಿತ ಭವನದಲ್ಲಿರುವ ಕರ್ನಾಟಕ ಅಲೆಮಾರಿ ಮತ್ತು ಅರೆ ಅಲೆಮಾರಿ ಅಭಿವೃದ್ಧಿ ನಿಗಮ ಕಚೇರಿ ದೂ.ಸಂ. 08226-223587 ಸಂಪರ್ಕಿಸುವಂತೆ ನಿಗಮದ ಜಿಲ್ಲಾ ವ್ಯವಸ್ಥಾಪಕರು ಪ್ರಕಟಣೆಯಲ್ಲಿ ತಿಳಿಸಿದ್ದಾರೆ.
ಪಿಎಂ-ಕುಸುಮ್ ಕಾಂಪೊನೆಂಟ್-ಸಿ ಅಡಿಯಲ್ಲಿ ಸೌರೀಕರಣ ಯೋಜನೆಗೆ ಚಾಲನೆ
ಚಿಕ್ಕಬಳ್ಳಾಪುರ: ಇಂಧನ ಇಲಾಖೆ, ಜಿಲ್ಲಾಡಳಿತ, ಜಿಲ್ಲಾ ಪಂಚಾಯತ್, ಚಿಕ್ಕಬಳ್ಳಾಪುರ ಇವರ ಸಂಯುಕ್ತಾಶ್ರಯದಲ್ಲಿ ಪಿ ಎಂ-ಕುಸುಮ್ ಕಾಂಪೊನೆಂಟ್-ಸಿ ಅಡಿಯಲ್ಲಿ ಸೌರೀಕರಣ ಯೋಜನೆಗೆ ಚಾಲನೆ ನೀಡುವ ಕಾರ್ಯಕ್ರಮವನ್ನು ಜೂನ್ 11 ರಂದು ಬೆಳಿಗ್ಗೆ 10:30 ಗಂಟೆಗೆ ಗೌರಿಬಿದನೂರು ನಗರದ ನೇತಾಜಿ ತಾಲ್ಲೂಕು ಕ್ರೀಡಾಂಗಣದಲ್ಲಿ ಆಯೋಜಿಸಲಾಗಿದೆ. ಕಾರ್ಯಕ್ರಮದ ಉದ್ಘಾಟನೆಯನ್ನು ಸನ್ಮಾನ್ಯ ಮುಖ್ಯಮಂತ್ರಿಗಳಾದ ಸಿದ್ದರಾಮಯ್ಯ ರವರು ನೆರವೇರಿಸಲಿದ್ದಾರೆ. ಗೌರವಾನ್ವಿತ ಅತಿಥಿಗಳಾಗಿ ಭಾರತ ಸರ್ಕಾರದ ನವ ಮತ್ತು ನವೀಕರಿಸುವ ಇಂಧನ ಮತ್ತು ಗ್ರಾಹಕ ವ್ಯವಹಾರ, ಆಹಾರ ಮತ್ತು ಪಡಿತರ ವಿತರಣೆ ಸಚಿವರಾದ ಪ್ರಹ್ಲಾದ ಜೋಶಿ ರವರು ಭಾಗವಹಿಸಲಿದ್ದಾರೆ. ಸನ್ಮಾನ್ಯ ಉಪಮುಖ್ಯಮಂತ್ರಿಗಳಾದ ಡಿ.ಕೆ. ಶಿವಕುಮಾರ್ ರವರು ಭಾಗವಹಿಸುವರು. ಭಾರತ ಸರ್ಕಾರದ ನವ ಮತ್ತು ನವೀಕರಿಸಬಹುದಾದ ಇಂಧನ ರಾಜ್ಯ ಸಚಿವರಾದ ಶ್ರೀಪಾದ್ ಯೇಸೋ ನಾಯಕ್ ರವರು ಭಾಗವಹಿಸುವರು. ಲೋಕಾರ್ಪಣೆಯನ್ನು ಇಂಧನ ಸಚಿವರಾದ
ಕೆ.ಜೆ. ಜಾರ್ಜ್ ರವರು ನೆರವೇರಿಸಲಿದ್ದಾರೆ.
ವಿಶೇಷ ಅತಿಥಿಗಳಾಗಿ ಕಂದಾಯ ಸಚಿವರಾದ ಕೃಷ್ಣ ಬೈರೇಗೌಡ, ಉನ್ನತ ಶಿಕ್ಷಣ ಸಚಿವರು ಹಾಗೂ ಚಿಕ್ಕಬಳ್ಳಾಪುರ ಜಿಲ್ಲಾ ಉಸ್ತುವಾರಿ ಸಚಿವರಾದ ಡಾ. ಎಂ.ಸಿ. ಸುಧಾಕರ್, ಕರ್ನಾಟಕ ನವೀಕರಿಸಬಹುದಾದ ಇಂಧನ ಅಭಿವೃದ್ಧಿ ನಿಯಮಿತದ ಅಧ್ಯಕ್ಷರಾದ ಟಿ.ಡಿ. ರಾಜೇಗೌಡ ರವರು ಭಾಗವಹಿಸಲಿದ್ದಾರೆ. ಕಾರ್ಯಕ್ರಮದ ಅಧ್ಯಕ್ಷತೆಯನ್ನು ಗೌರಿಬಿದನೂರು ವಿಧಾನಸಭಾ ಕ್ಷೇತ್ರದ ಶಾಸಕರಾದ ಕೆ.ಹೆಚ್. ಪುಟ್ಟಸ್ವಾಮಿ ಗೌಡ ರವರು ವಹಿಸಲಿದ್ದಾರೆ. ಮುಖ್ಯ ಅತಿಥಿಗಳಾಗಿ ಚಿಕ್ಕಬಳ್ಳಾಪುರ ಲೋಕಸಭಾ ಕ್ಷೇತ್ರದ ಸಂಸದರಾದ ಡಾ. ಕೆ.ಸುಧಾಕರ್, ಶಾಸಕರಾದ ಎನ್.ಎನ್. ಸುಬ್ಬಾರೆಡ್ಡಿ, ಪ್ರದೀಪ್ ಈಶ್ವರ್ ಪಿ.ಇ, ಬಿ.ಎನ್. ರವಿಕುಮಾರ್, ಚಿದಾನಂದ ಎಂ. ಗೌಡ,
ಎಂ.ಎಲ್.ಅನಿಲ್ ಕುಮಾರ್, ಡಿ.ಟಿ. ಶ್ರೀನಿವಾಸ್, ಡಾ.ಹೆಚ್.ನರಸಿಂಹಯ್ಯ, ವಿಜ್ಞಾನ ಶೈಕ್ಷಣಿಕ ಸಾಂಸ್ಕೃತಿ ಮತ್ತು ಪ್ರವಾಸೋದ್ಯಮ ಅಭಿವೃದ್ಧಿ ಪ್ರಾಧಿಕಾರದ ಅಧ್ಯಕ್ಷ ಎನ್. ಹೆಚ್. ಶಿವಶಂಕರರೆಡ್ಡಿ, ಕರ್ನಾಟಕ ಜಾನಪದ ಅಕಾಡೆಮಿಯ ಅಧ್ಯಕ್ಷ ಗೊಲ್ಲಹಳ್ಳಿ ಶಿವಪ್ರಸಾದ್, ಜಿಲ್ಲಾ ಗ್ಯಾರಂಟಿ ಯೋಜನೆಗಳ ಅನುಷ್ಠಾನದ ಪ್ರಾಧಿಕಾರದ ಅಧ್ಯಕ್ಷ ಯಲುವಹಳ್ಳಿ ಎನ್. ರಮೇಶ್, ಗೌರಿಬಿದನೂರು ನಗರಸಭೆ ಅಧ್ಯಕ್ಷ ಲಕ್ಷ್ಮೀನಾರಾಯಣ, ಅಲಕಾಪುರ ಗ್ರಾಮ ಪಂಚಾಯಿತಿ ಅಧ್ಯಕ್ಷ ಎಸ್. ರಮೇಶ್ ರವರು ಭಾಗವಹಿಸುವರು. ವಿಶೇಷ ಆ‌ಹ್ವಾನಿತರಾಗಿ ಸರ್ಕಾರದ ಮುಖ್ಯ ಕಾರ್ಯದರ್ಶಿ ಡಾ. ಶಾಲಿನಿ ರಜನೀಶ್, ಇಂಧನ ಇಲಾಖೆಯ ಸರ್ಕಾರದ ಅಪರ ಮುಖ್ಯ ಕಾರ್ಯದರ್ಶಿ ಗೌರವ್ ಗುಪ್ತ, ಕೆ.ವಿ.ಪ್ರ.ನಿ.ನಿ ವ್ಯವಸ್ಥಾಪಕ ನಿರ್ದೇಶಕ ಪಂಕಜ್ ಕುಮಾರ್ ಪಾಂಡೆ, ಸರ್ಕಾರದ ಕಾರ್ಯದರ್ಶಿಗಳು ಮೂಲಭೂತ ಸೌಲಭ್ಯ ಅಭಿವೃದ್ಧಿ, ಬಂದರು ಮತ್ತು ಒಳನಾಡು ಜಲಸಾರಿಗೆ ಇಲಾಖೆ ಹಾಗೂ ಚಿಕ್ಕಬಳ್ಳಾಪುರ ಜಿಲ್ಲಾ ಉಸ್ತುವಾರಿ ಕಾರ್ಯದರ್ಶಿಗಳು ಹಾಗೂ ಜಿಲ್ಲಾ ಪಂಚಾಯಿತಿ ಅಧಿಕಾರಿಗಳಾದ ಡಾ. ಎನ್.ಮಂಜುಳ ರವರು ಭಾಗವಹಿಸುವರು.
